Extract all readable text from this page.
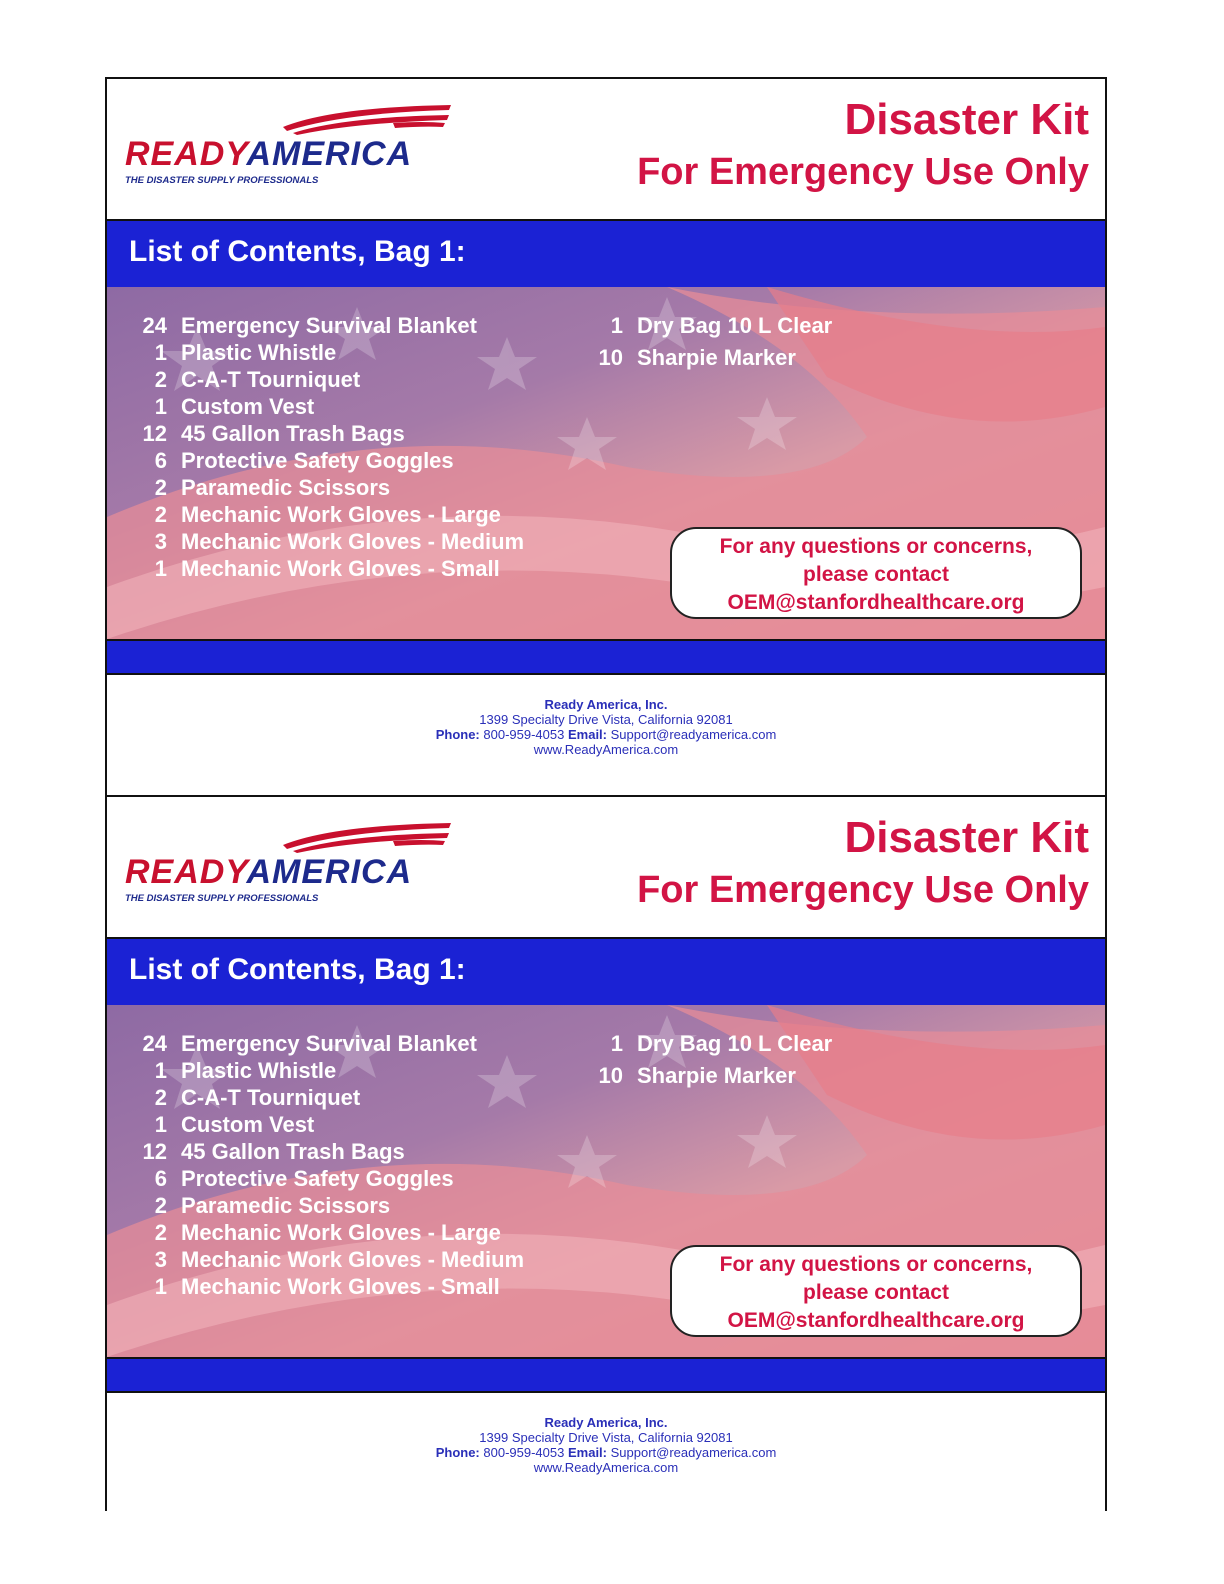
READYAMERICA
THE DISASTER SUPPLY PROFESSIONALS
Disaster Kit
For Emergency Use Only
List of Contents, Bag 1:
24 Emergency Survival Blanket
1 Plastic Whistle
2 C-A-T Tourniquet
1 Custom Vest
12 45 Gallon Trash Bags
6 Protective Safety Goggles
2 Paramedic Scissors
2 Mechanic Work Gloves - Large
3 Mechanic Work Gloves - Medium
1 Mechanic Work Gloves - Small
1 Dry Bag 10 L Clear
10 Sharpie Marker
For any questions or concerns,
please contact
OEM@stanfordhealthcare.org
Ready America, Inc.
1399 Specialty Drive Vista, California 92081
Phone: 800-959-4053 Email: Support@readyamerica.com
www.ReadyAmerica.com
READYAMERICA
THE DISASTER SUPPLY PROFESSIONALS
Disaster Kit
For Emergency Use Only
List of Contents, Bag 1:
24 Emergency Survival Blanket
1 Plastic Whistle
2 C-A-T Tourniquet
1 Custom Vest
12 45 Gallon Trash Bags
6 Protective Safety Goggles
2 Paramedic Scissors
2 Mechanic Work Gloves - Large
3 Mechanic Work Gloves - Medium
1 Mechanic Work Gloves - Small
1 Dry Bag 10 L Clear
10 Sharpie Marker
For any questions or concerns,
please contact
OEM@stanfordhealthcare.org
Ready America, Inc.
1399 Specialty Drive Vista, California 92081
Phone: 800-959-4053 Email: Support@readyamerica.com
www.ReadyAmerica.com
